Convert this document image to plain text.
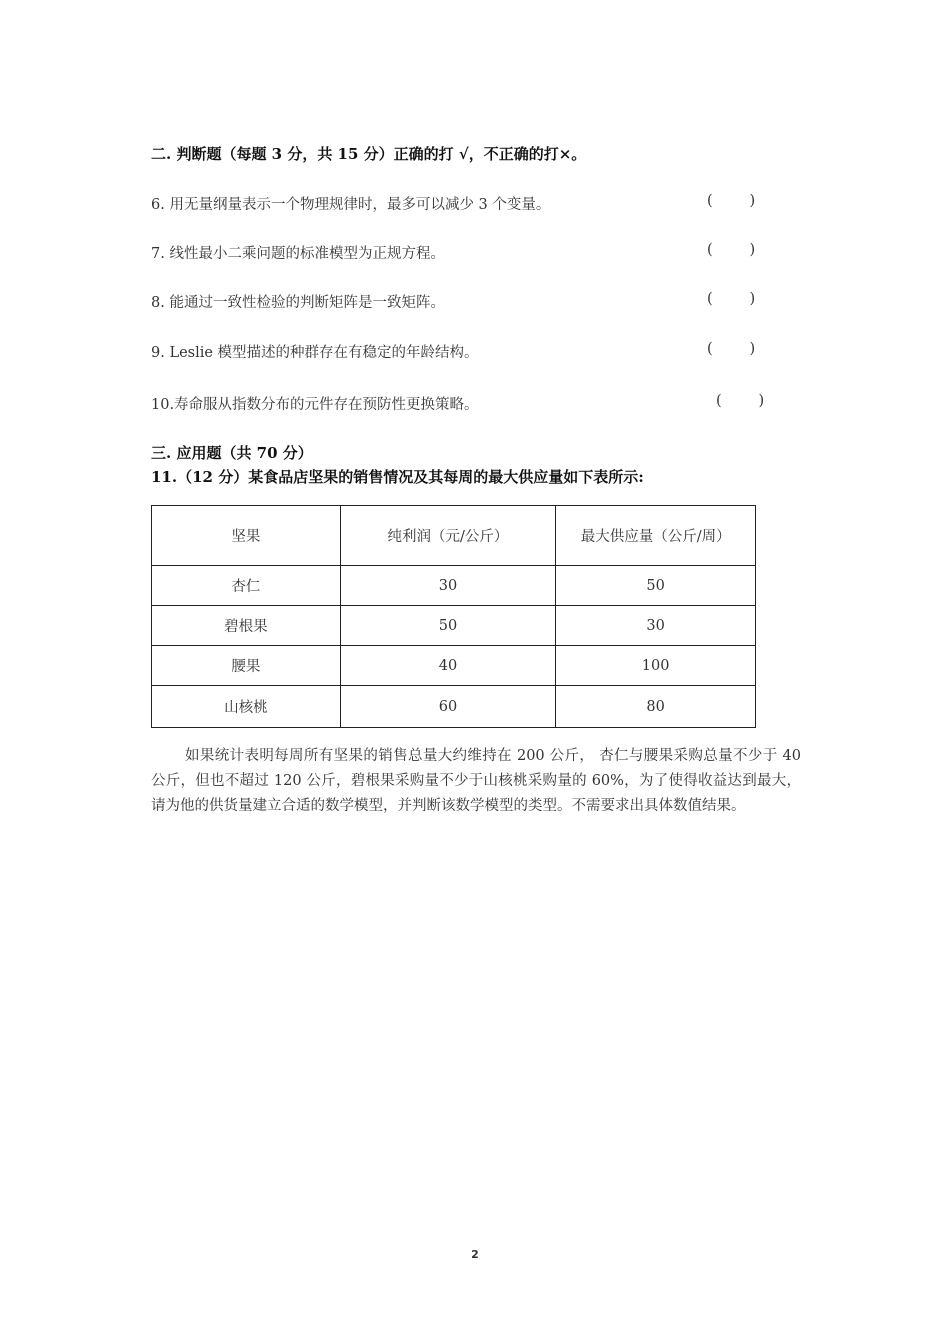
二. 判断题（每题 3 分，共 15 分）正确的打 √，不正确的打×。
6. 用无量纲量表示一个物理规律时，最多可以减少 3 个变量。	(        )
7. 线性最小二乘问题的标准模型为正规方程。	(        )
8. 能通过一致性检验的判断矩阵是一致矩阵。	(        )
9. Leslie 模型描述的种群存在有稳定的年龄结构。	(        )
10.寿命服从指数分布的元件存在预防性更换策略。	(        )
三. 应用题（共 70 分）
11.（12 分）某食品店坚果的销售情况及其每周的最大供应量如下表所示:
坚果	纯利润（元/公斤）	最大供应量（公斤/周）
杏仁	30	50
碧根果	50	30
腰果	40	100
山核桃	60	80
如果统计表明每周所有坚果的销售总量大约维持在 200 公斤， 杏仁与腰果采购总量不少于 40 公斤，但也不超过 120 公斤，碧根果采购量不少于山核桃采购量的 60%，为了使得收益达到最大，请为他的供货量建立合适的数学模型，并判断该数学模型的类型。不需要求出具体数值结果。
2
